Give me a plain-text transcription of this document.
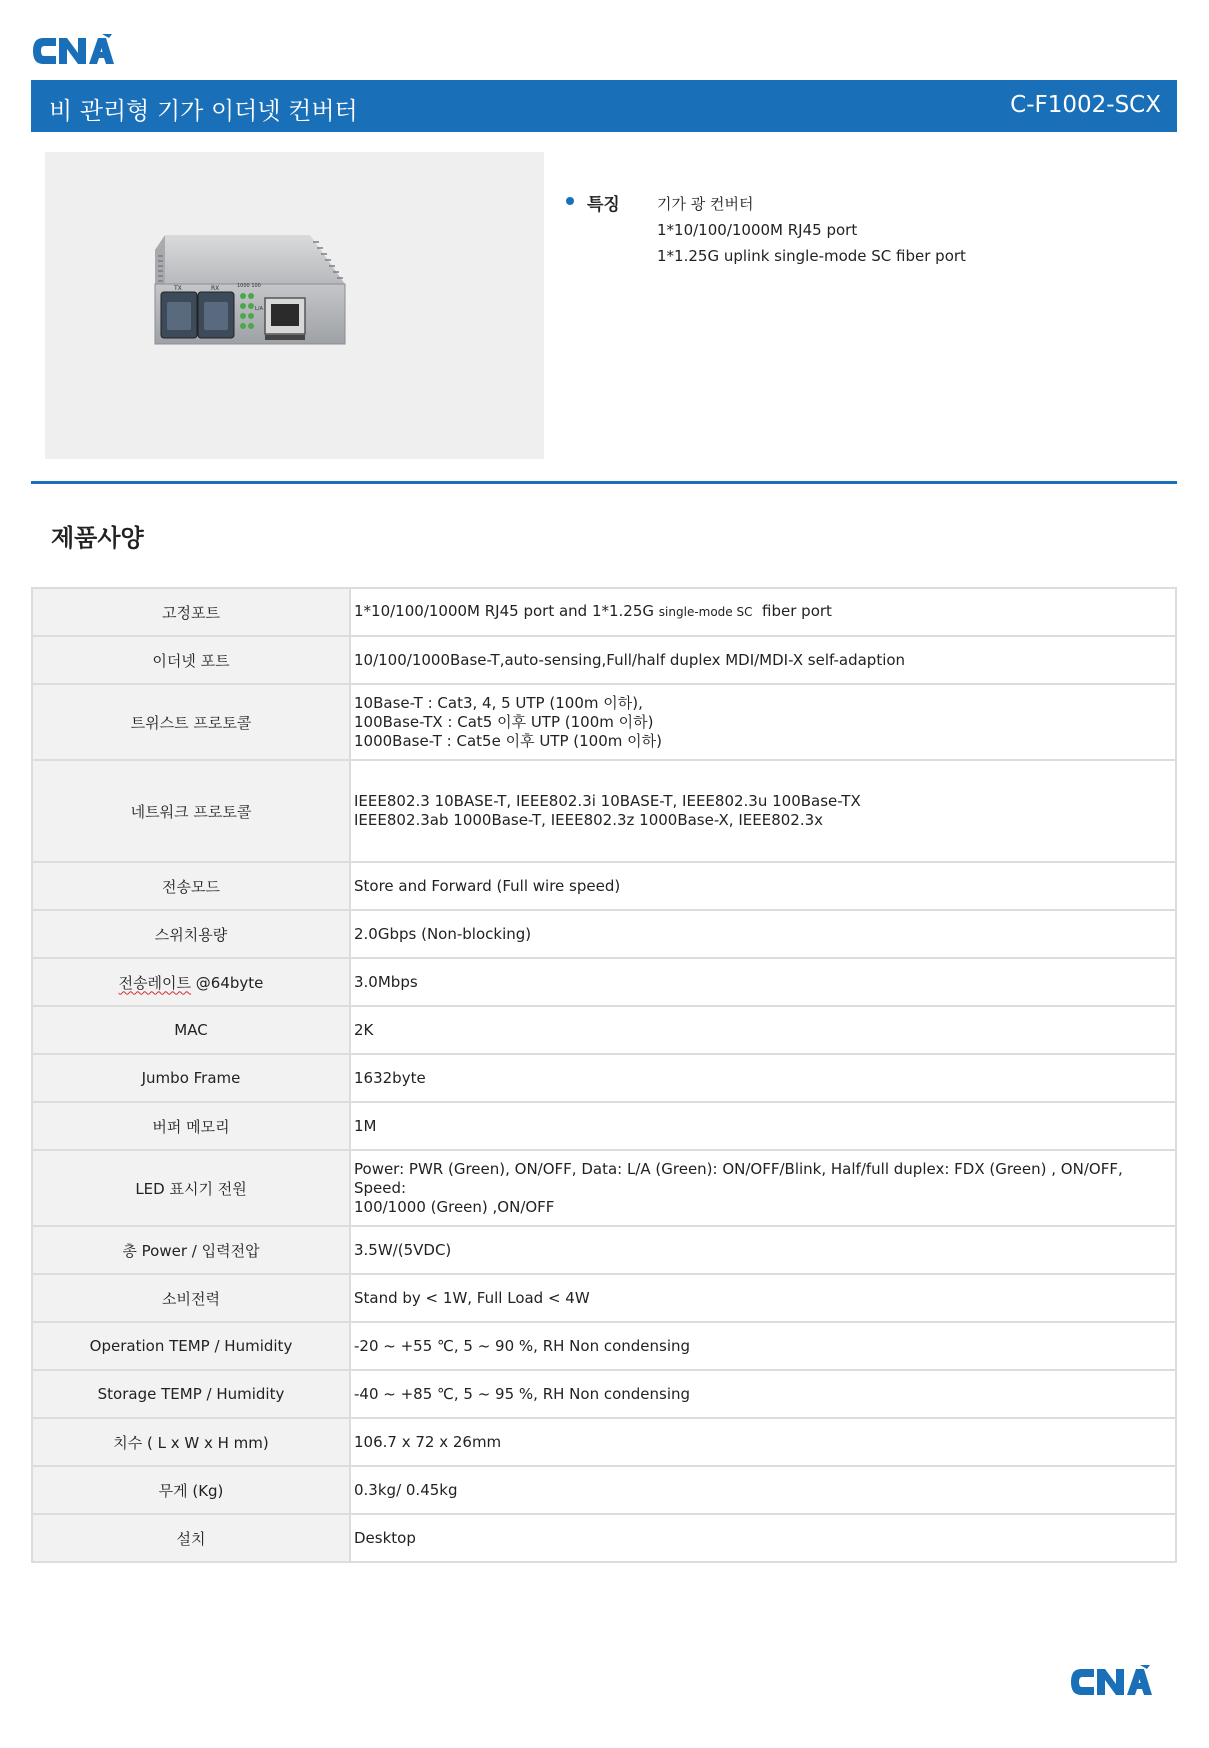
비 관리형 기가 이더넷 컨버터	C-F1002-SCX
TX	RX	1000 100
L/A
특징 기가 광 컨버터
1*10/100/1000M RJ45 port
1*1.25G uplink single-mode SC fiber port
제품사양
고정포트	1*10/100/1000M RJ45 port and 1*1.25G single-mode SC  fiber port
이더넷 포트	10/100/1000Base-T,auto-sensing,Full/half duplex MDI/MDI-X self-adaption

트위스트 프로토콜	10Base-T : Cat3, 4, 5 UTP (100m 이하),
100Base-TX : Cat5 이후 UTP (100m 이하)
1000Base-T : Cat5e 이후 UTP (100m 이하)

네트워크 프로토콜	IEEE802.3 10BASE-T, IEEE802.3i 10BASE-T, IEEE802.3u 100Base-TX
IEEE802.3ab 1000Base-T, IEEE802.3z 1000Base-X, IEEE802.3x

전송모드	Store and Forward (Full wire speed)

스위치용량	2.0Gbps (Non-blocking)

전송레이트 @64byte	3.0Mbps

MAC	2K

Jumbo Frame	1632byte

버퍼 메모리	1M

LED 표시기 전원	Power: PWR (Green), ON/OFF, Data: L/A (Green): ON/OFF/Blink, Half/full duplex: FDX (Green) , ON/OFF, Speed:
100/1000 (Green) ,ON/OFF

총 Power / 입력전압	3.5W/(5VDC)

소비전력	Stand by < 1W, Full Load < 4W

Operation TEMP / Humidity	-20 ~ +55 ℃, 5 ~ 90 %, RH Non condensing

Storage TEMP / Humidity	-40 ~ +85 ℃, 5 ~ 95 %, RH Non condensing

치수 ( L x W x H mm)	106.7 x 72 x 26mm

무게 (Kg)	0.3kg/ 0.45kg

설치	Desktop
